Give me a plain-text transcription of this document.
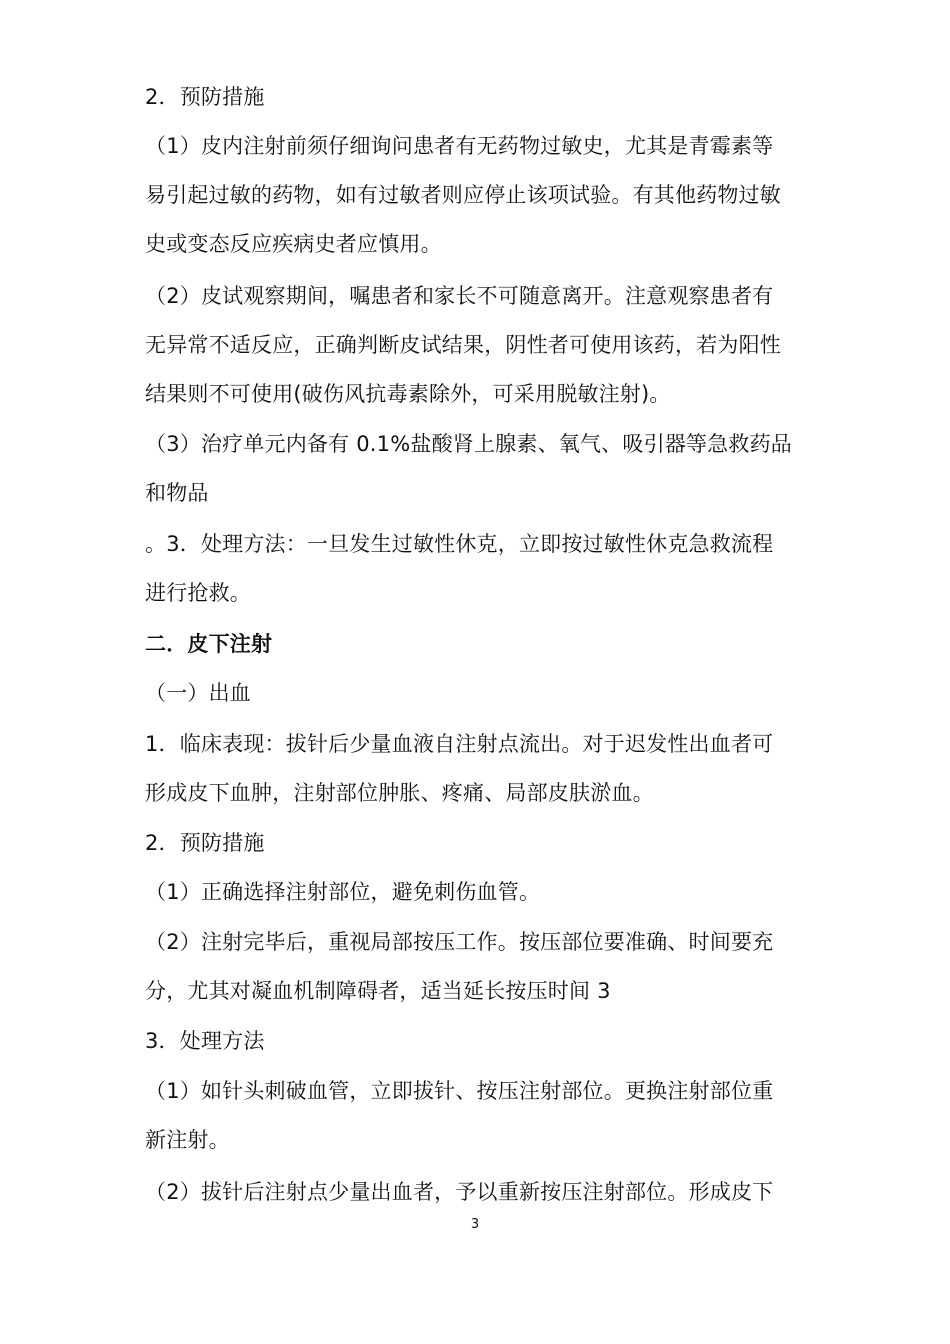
2．预防措施
（1）皮内注射前须仔细询问患者有无药物过敏史，尤其是青霉素等
易引起过敏的药物，如有过敏者则应停止该项试验。有其他药物过敏
史或变态反应疾病史者应慎用。
（2）皮试观察期间，嘱患者和家长不可随意离开。注意观察患者有
无异常不适反应，正确判断皮试结果，阴性者可使用该药，若为阳性
结果则不可使用(破伤风抗毒素除外，可采用脱敏注射)。
（3）治疗单元内备有 0.1%盐酸肾上腺素、氧气、吸引器等急救药品
和物品
。3．处理方法：一旦发生过敏性休克，立即按过敏性休克急救流程
进行抢救。
二．皮下注射
（一）出血
1．临床表现：拔针后少量血液自注射点流出。对于迟发性出血者可
形成皮下血肿，注射部位肿胀、疼痛、局部皮肤淤血。
2．预防措施
（1）正确选择注射部位，避免刺伤血管。
（2）注射完毕后，重视局部按压工作。按压部位要准确、时间要充
分，尤其对凝血机制障碍者，适当延长按压时间 3
3．处理方法
（1）如针头刺破血管，立即拔针、按压注射部位。更换注射部位重
新注射。
（2）拔针后注射点少量出血者，予以重新按压注射部位。形成皮下
3
